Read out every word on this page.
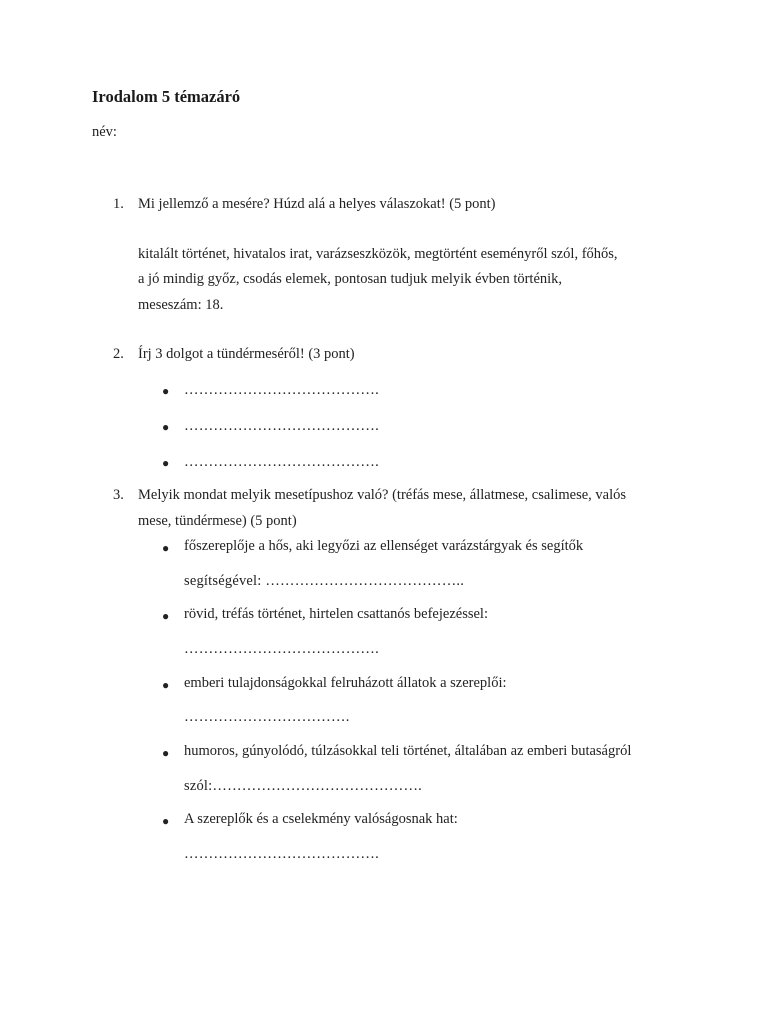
Irodalom 5 témazáró
név:
1. Mi jellemző a mesére? Húzd alá a helyes válaszokat! (5 pont)
kitalált történet, hivatalos irat, varázseszközök, megtörtént eseményről szól, főhős,
a jó mindig győz, csodás elemek, pontosan tudjuk melyik évben történik,
meseszám: 18.
2. Írj 3 dolgot a tündérmeséről! (3 pont)
● ………………………………….
● ………………………………….
● ………………………………….
3. Melyik mondat melyik mesetípushoz való? (tréfás mese, állatmese, csalimese, valós
mese, tündérmese) (5 pont)
● főszereplője a hős, aki legyőzi az ellenséget varázstárgyak és segítők
segítségével: …………………………………..
● rövid, tréfás történet, hirtelen csattanós befejezéssel:
………………………………….
● emberi tulajdonságokkal felruházott állatok a szereplői:
…………………………….
● humoros, gúnyolódó, túlzásokkal teli történet, általában az emberi butaságról
szól:…………………………………….
● A szereplők és a cselekmény valóságosnak hat:
………………………………….
